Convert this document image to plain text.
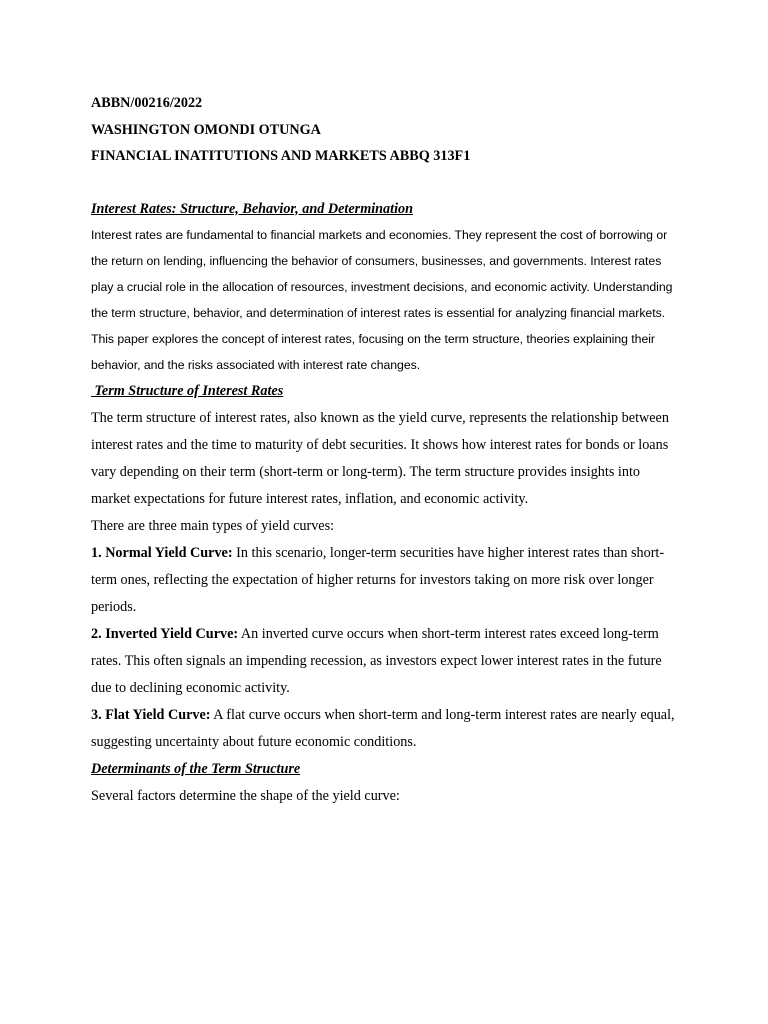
ABBN/00216/2022

WASHINGTON OMONDI OTUNGA

FINANCIAL INATITUTIONS AND MARKETS ABBQ 313F1

Interest Rates: Structure, Behavior, and Determination

Interest rates are fundamental to financial markets and economies. They represent the cost of borrowing or the return on lending, influencing the behavior of consumers, businesses, and governments. Interest rates play a crucial role in the allocation of resources, investment decisions, and economic activity. Understanding the term structure, behavior, and determination of interest rates is essential for analyzing financial markets. This paper explores the concept of interest rates, focusing on the term structure, theories explaining their behavior, and the risks associated with interest rate changes.

Term Structure of Interest Rates

The term structure of interest rates, also known as the yield curve, represents the relationship between interest rates and the time to maturity of debt securities. It shows how interest rates for bonds or loans vary depending on their term (short-term or long-term). The term structure provides insights into market expectations for future interest rates, inflation, and economic activity.

There are three main types of yield curves:

1. Normal Yield Curve: In this scenario, longer-term securities have higher interest rates than short-term ones, reflecting the expectation of higher returns for investors taking on more risk over longer periods.

2. Inverted Yield Curve: An inverted curve occurs when short-term interest rates exceed long-term rates. This often signals an impending recession, as investors expect lower interest rates in the future due to declining economic activity.

3. Flat Yield Curve: A flat curve occurs when short-term and long-term interest rates are nearly equal, suggesting uncertainty about future economic conditions.

Determinants of the Term Structure

Several factors determine the shape of the yield curve:
